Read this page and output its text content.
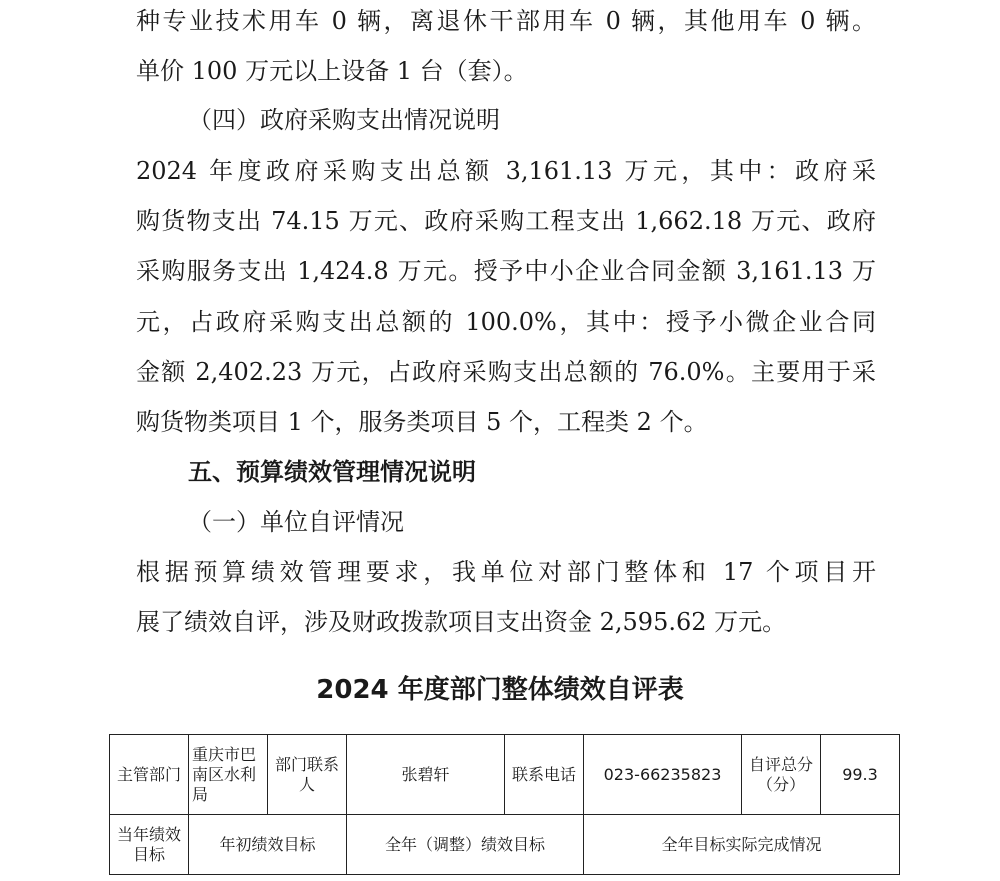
种专业技术用车 0 辆，离退休干部用车 0 辆，其他用车 0 辆。
单价 100 万元以上设备 1 台（套）。
（四）政府采购支出情况说明
2024 年度政府采购支出总额 3,161.13 万元，其中：政府采
购货物支出 74.15 万元、政府采购工程支出 1,662.18 万元、政府
采购服务支出 1,424.8 万元。授予中小企业合同金额 3,161.13 万
元，占政府采购支出总额的 100.0%，其中：授予小微企业合同
金额 2,402.23 万元，占政府采购支出总额的 76.0%。主要用于采
购货物类项目 1 个，服务类项目 5 个，工程类 2 个。
五、预算绩效管理情况说明
（一）单位自评情况
根据预算绩效管理要求，我单位对部门整体和 17 个项目开
展了绩效自评，涉及财政拨款项目支出资金 2,595.62 万元。
2024 年度部门整体绩效自评表
主管部门	重庆市巴南区水利局	部门联系人	张碧轩	联系电话	023-66235823	自评总分（分）	99.3
当年绩效目标	年初绩效目标		全年（调整）绩效目标		全年目标实际完成情况		
